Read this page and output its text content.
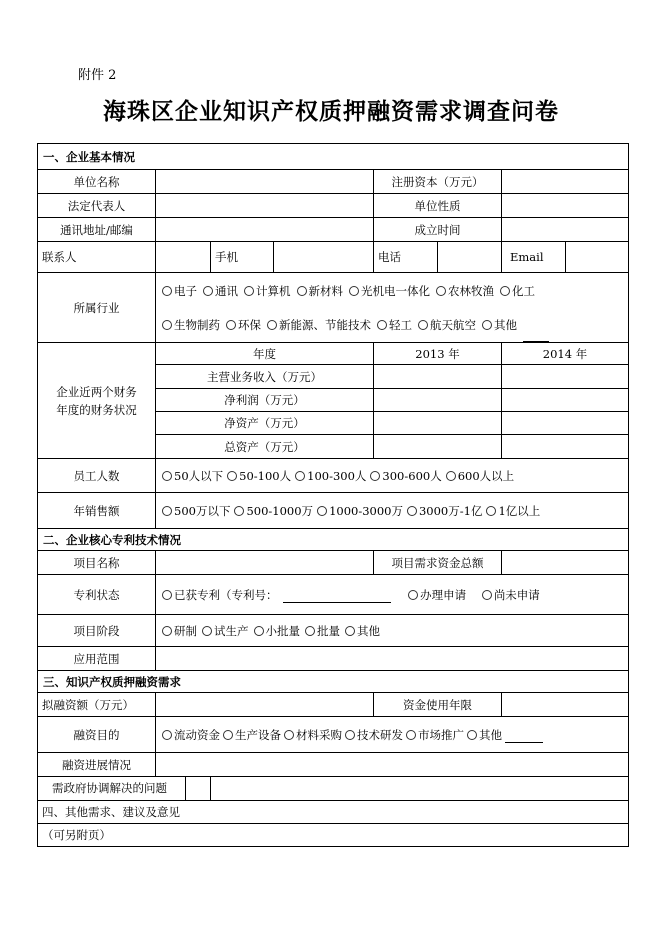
附件 2
海珠区企业知识产权质押融资需求调查问卷
一、企业基本情况						
单位名称				注册资本（万元）		
法定代表人				单位性质		
通讯地址/邮编				成立时间		
联系人		手机		电话		Email

所属行业	电子 通讯 计算机 新材料 光机电一体化 农林牧渔 化工
生物制药 环保 新能源、节能技术 轻工 航天航空 其他					

企业近两个财务
年度的财务状况	年度			2013 年		2014 年
	主营业务收入（万元）					
	净利润（万元）					
	净资产（万元）					
	总资产（万元）					
员工人数	50人以下 50-100人 100-300人 300-600人 600人以上					

年销售额	500万以下 500-1000万 1000-3000万 3000万-1亿 1亿以上					

二、企业核心专利技术情况						
项目名称				项目需求资金总额		
专利状态	已获专利（专利号： 办理申请 尚未申请					
项目阶段	研制 试生产 小批量 批量 其他					

应用范围						
三、知识产权质押融资需求						
拟融资额（万元）				资金使用年限		
融资目的	流动资金 生产设备 材料采购 技术研发 市场推广 其他					

融资进展情况						

需政府协调解决的问题						

四、其他需求、建议及意见						
（可另附页）						
